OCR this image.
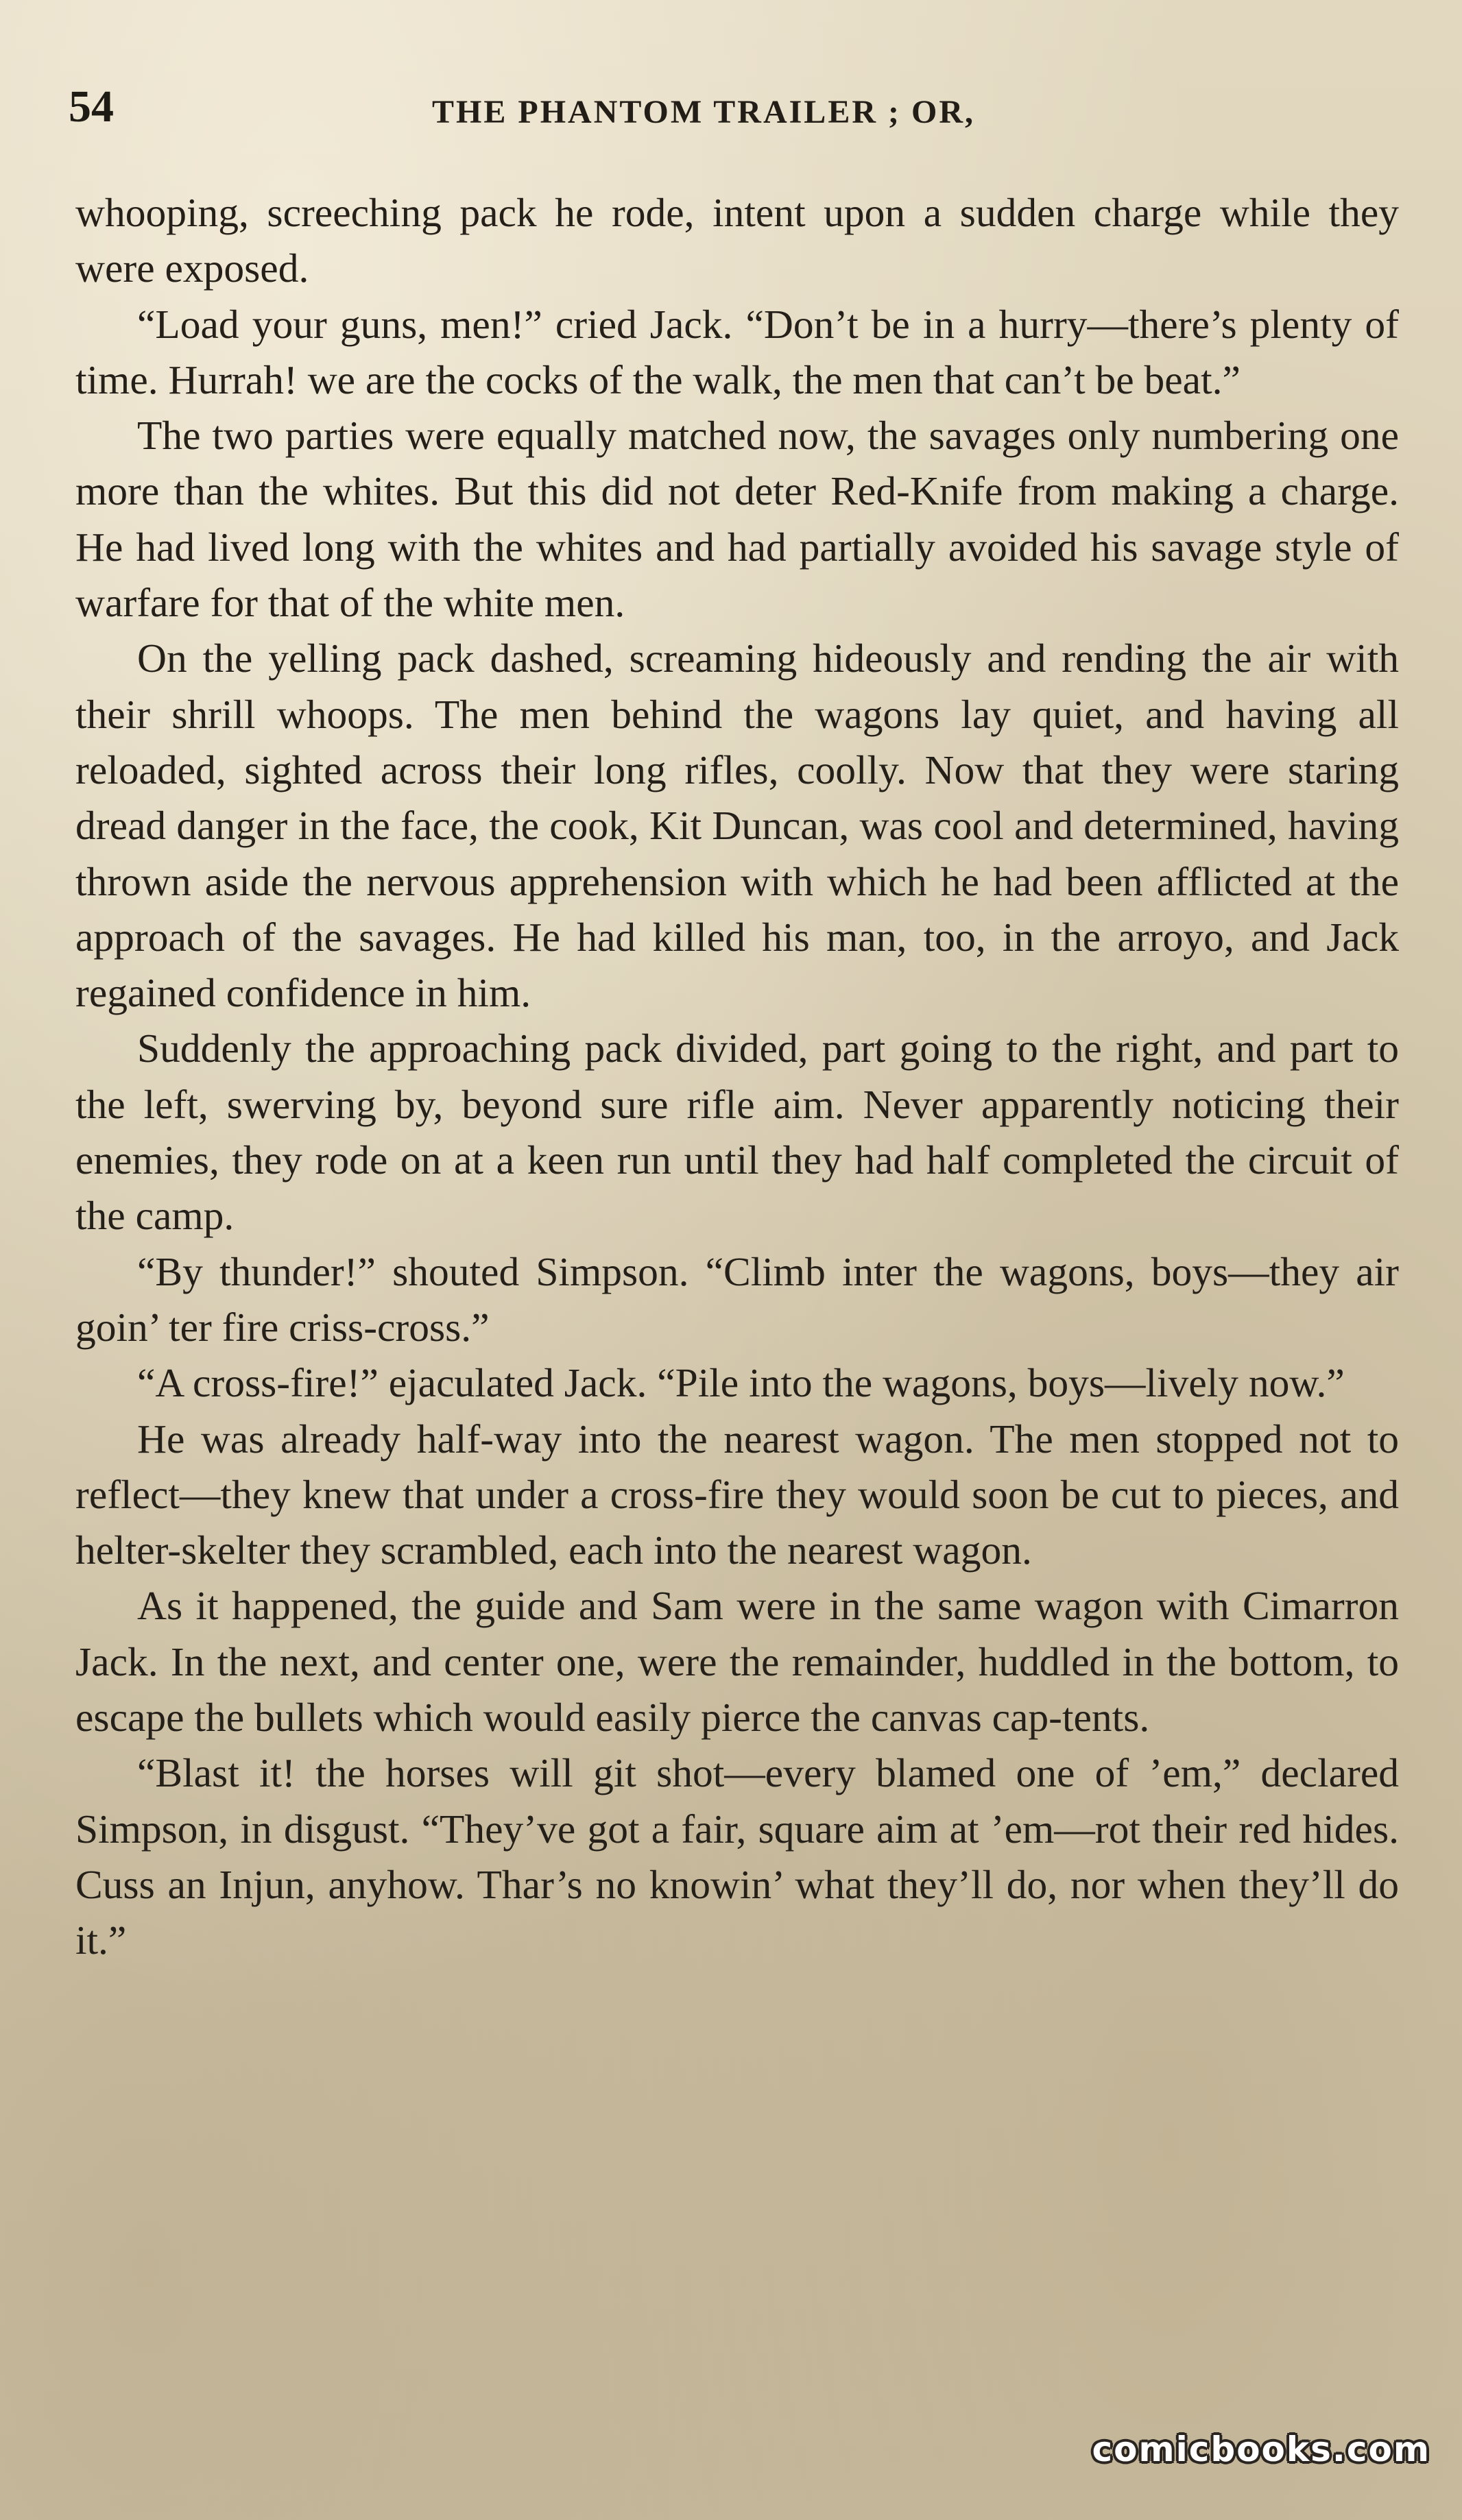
54	THE PHANTOM TRAILER ; OR,

whooping, screeching pack he rode, intent upon a sudden charge while they were exposed.

“Load your guns, men!” cried Jack. “Don’t be in a hurry—there’s plenty of time. Hurrah! we are the cocks of the walk, the men that can’t be beat.”

The two parties were equally matched now, the savages only numbering one more than the whites. But this did not deter Red-Knife from making a charge. He had lived long with the whites and had partially avoided his savage style of warfare for that of the white men.

On the yelling pack dashed, screaming hideously and rending the air with their shrill whoops. The men behind the wagons lay quiet, and having all reloaded, sighted across their long rifles, coolly. Now that they were staring dread danger in the face, the cook, Kit Duncan, was cool and determined, having thrown aside the nervous apprehension with which he had been afflicted at the approach of the savages. He had killed his man, too, in the arroyo, and Jack regained confidence in him.

Suddenly the approaching pack divided, part going to the right, and part to the left, swerving by, beyond sure rifle aim. Never apparently noticing their enemies, they rode on at a keen run until they had half completed the circuit of the camp.

“By thunder!” shouted Simpson. “Climb inter the wagons, boys—they air goin’ ter fire criss-cross.”

“A cross-fire!” ejaculated Jack. “Pile into the wagons, boys—lively now.”

He was already half-way into the nearest wagon. The men stopped not to reflect—they knew that under a cross-fire they would soon be cut to pieces, and helter-skelter they scrambled, each into the nearest wagon.

As it happened, the guide and Sam were in the same wagon with Cimarron Jack. In the next, and center one, were the remainder, huddled in the bottom, to escape the bullets which would easily pierce the canvas cap-tents.

“Blast it! the horses will git shot—every blamed one of ’em,” declared Simpson, in disgust. “They’ve got a fair, square aim at ’em—rot their red hides. Cuss an Injun, anyhow. Thar’s no knowin’ what they’ll do, nor when they’ll do it.”

comicbooks.com
